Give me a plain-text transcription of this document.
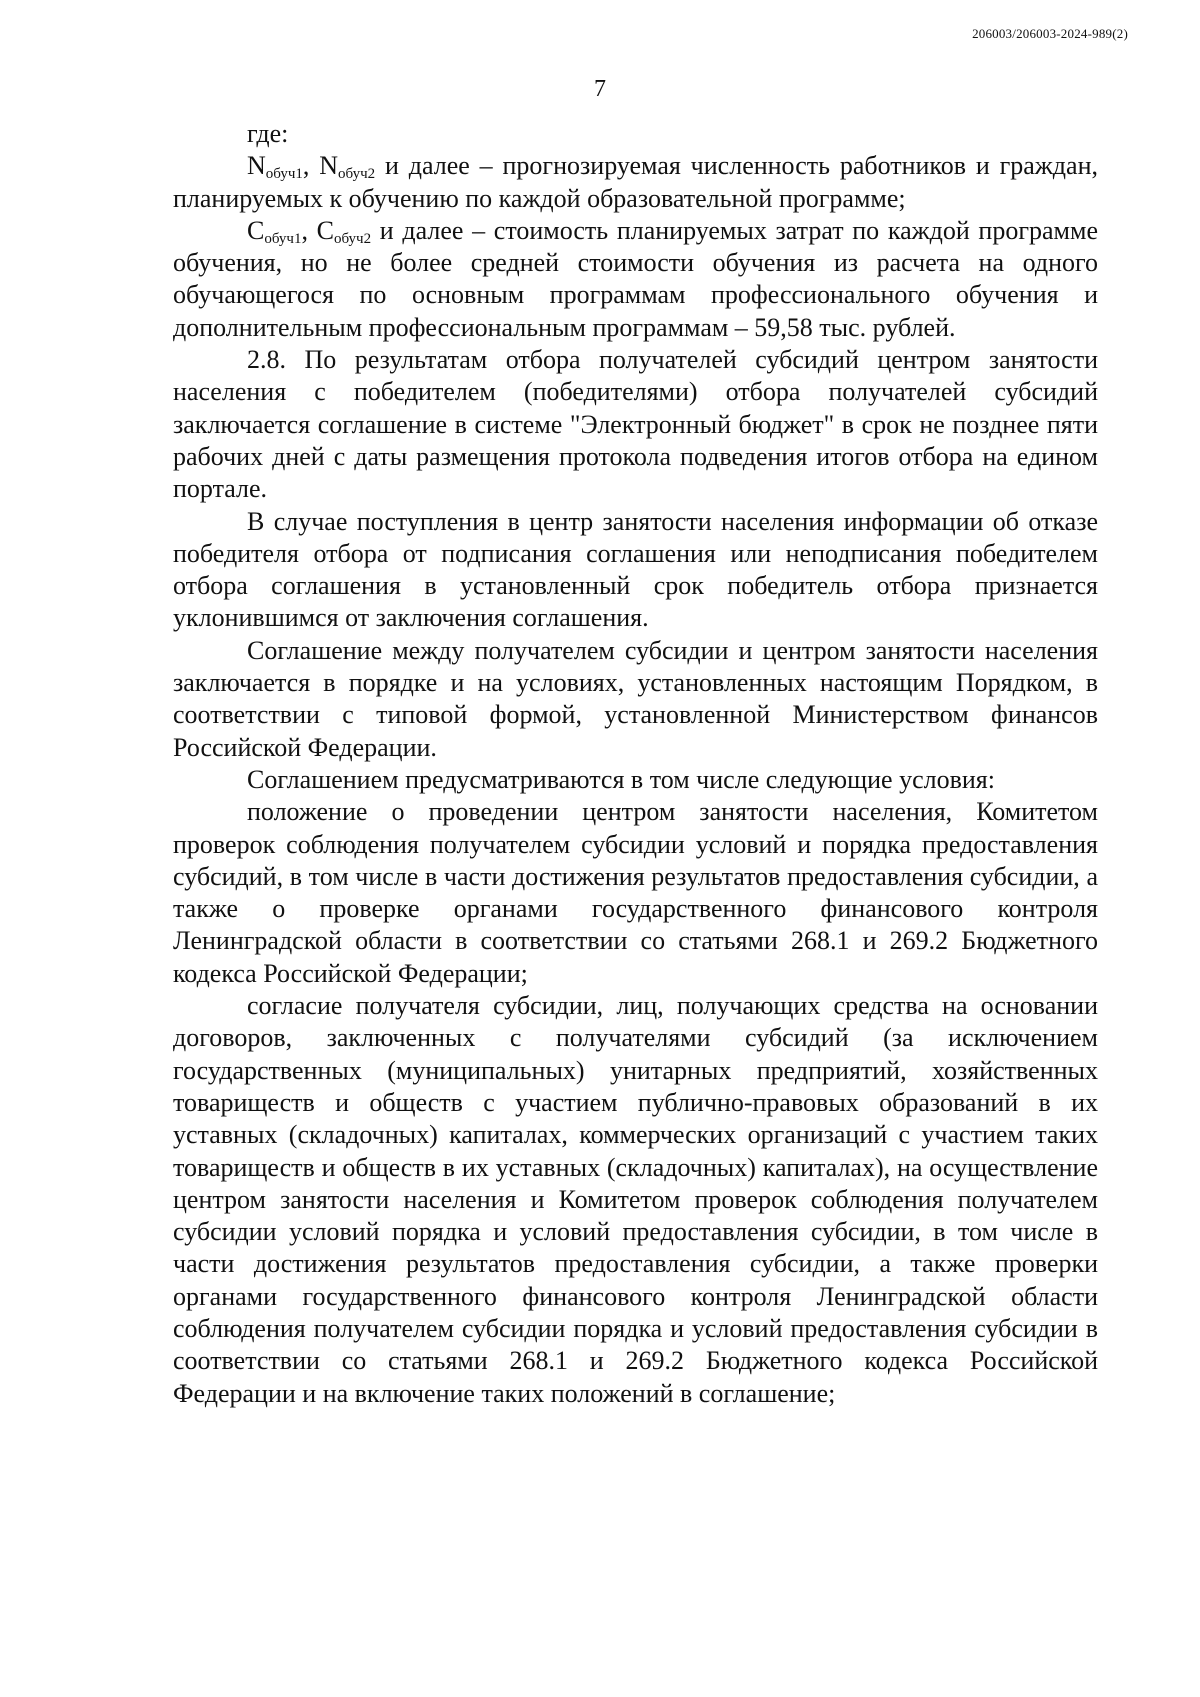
206003/206003-2024-989(2)
7

где:

$N_{обуч1}$, $N_{обуч2}$ и далее – прогнозируемая численность работников и граждан, планируемых к обучению по каждой образовательной программе;

$С_{обуч1}$, $С_{обуч2}$ и далее – стоимость планируемых затрат по каждой программе обучения, но не более средней стоимости обучения из расчета на одного обучающегося по основным программам профессионального обучения и дополнительным профессиональным программам – 59,58 тыс. рублей.

2.8. По результатам отбора получателей субсидий центром занятости населения с победителем (победителями) отбора получателей субсидий заключается соглашение в системе "Электронный бюджет" в срок не позднее пяти рабочих дней с даты размещения протокола подведения итогов отбора на едином портале.

В случае поступления в центр занятости населения информации об отказе победителя отбора от подписания соглашения или неподписания победителем отбора соглашения в установленный срок победитель отбора признается уклонившимся от заключения соглашения.

Соглашение между получателем субсидии и центром занятости населения заключается в порядке и на условиях, установленных настоящим Порядком, в соответствии с типовой формой, установленной Министерством финансов Российской Федерации.

Соглашением предусматриваются в том числе следующие условия:

положение о проведении центром занятости населения, Комитетом проверок соблюдения получателем субсидии условий и порядка предоставления субсидий, в том числе в части достижения результатов предоставления субсидии, а также о проверке органами государственного финансового контроля Ленинградской области в соответствии со статьями 268.1 и 269.2 Бюджетного кодекса Российской Федерации;

согласие получателя субсидии, лиц, получающих средства на основании договоров, заключенных с получателями субсидий (за исключением государственных (муниципальных) унитарных предприятий, хозяйственных товариществ и обществ с участием публично-правовых образований в их уставных (складочных) капиталах, коммерческих организаций с участием таких товариществ и обществ в их уставных (складочных) капиталах), на осуществление центром занятости населения и Комитетом проверок соблюдения получателем субсидии условий порядка и условий предоставления субсидии, в том числе в части достижения результатов предоставления субсидии, а также проверки органами государственного финансового контроля Ленинградской области соблюдения получателем субсидии порядка и условий предоставления субсидии в соответствии со статьями 268.1 и 269.2 Бюджетного кодекса Российской Федерации и на включение таких положений в соглашение;
